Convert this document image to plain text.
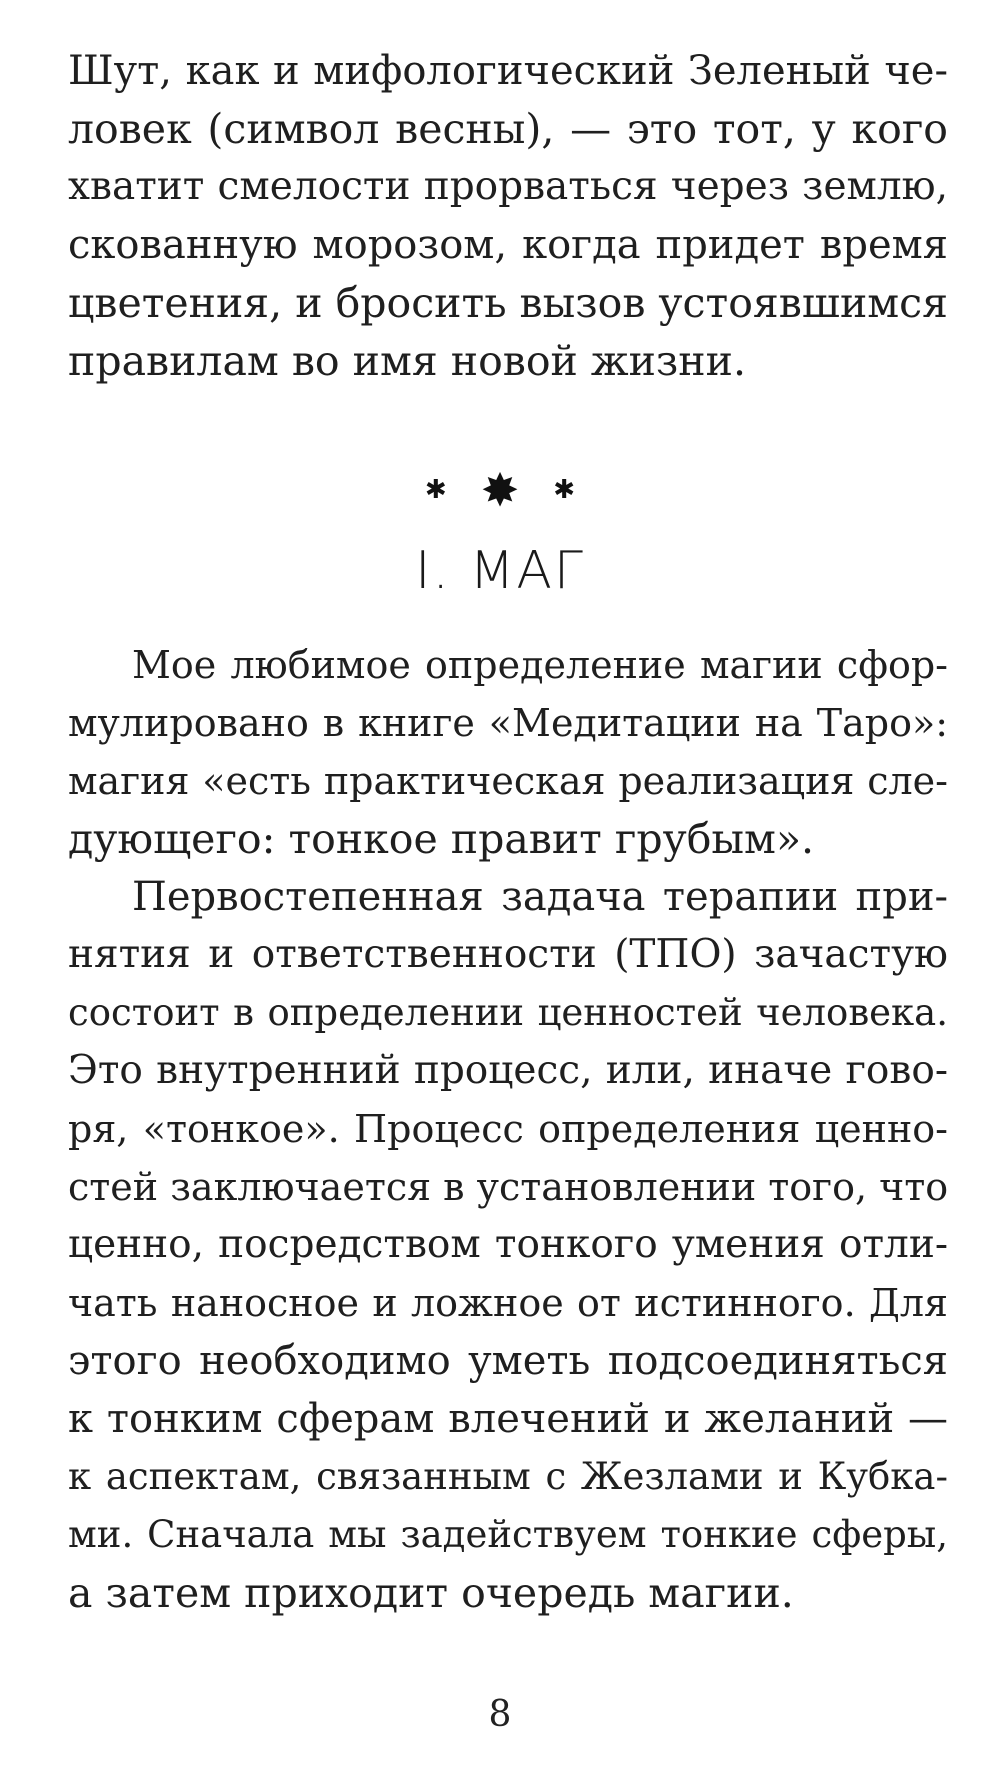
Шут, как и мифологический Зеленый че-
ловек (символ весны), — это тот, у кого
хватит смелости прорваться через землю,
скованную морозом, когда придет время
цветения, и бросить вызов устоявшимся
правилам во имя новой жизни.
✱ ✸ ✱
I. МАГ
Мое любимое определение магии сфор-
мулировано в книге «Медитации на Таро»:
магия «есть практическая реализация сле-
дующего: тонкое правит грубым».
Первостепенная задача терапии при-
нятия и ответственности (ТПО) зачастую
состоит в определении ценностей человека.
Это внутренний процесс, или, иначе гово-
ря, «тонкое». Процесс определения ценно-
стей заключается в установлении того, что
ценно, посредством тонкого умения отли-
чать наносное и ложное от истинного. Для
этого необходимо уметь подсоединяться
к тонким сферам влечений и желаний —
к аспектам, связанным с Жезлами и Кубка-
ми. Сначала мы задействуем тонкие сферы,
а затем приходит очередь магии.
8
